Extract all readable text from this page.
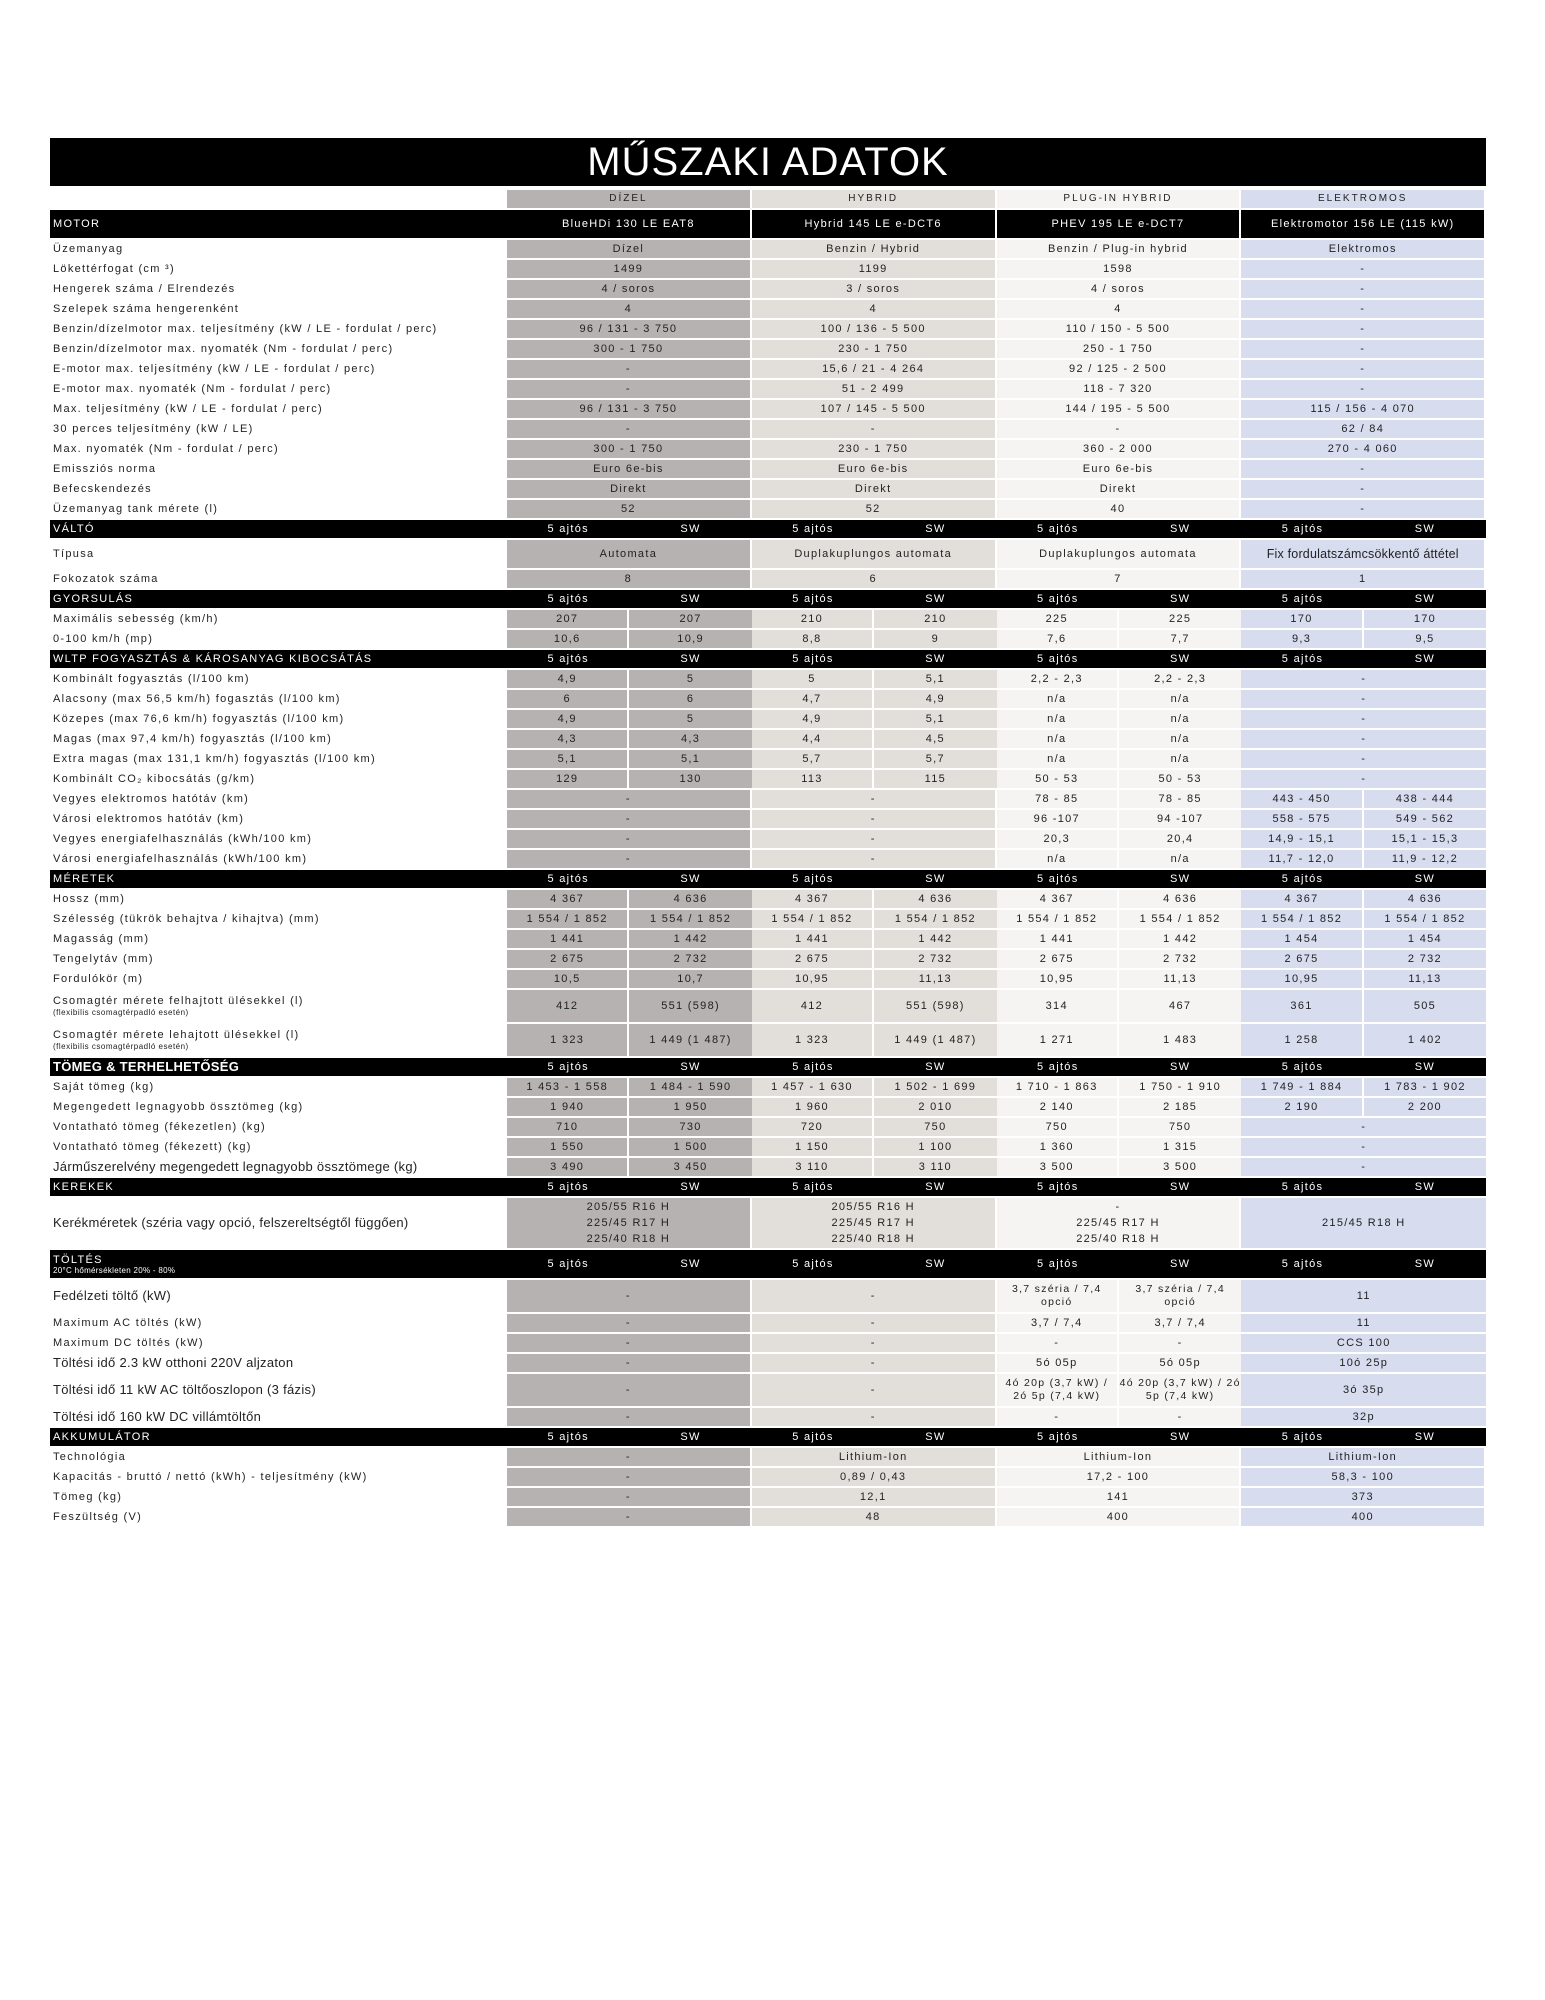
MŰSZAKI ADATOK
	DÍZEL		HYBRID		PLUG-IN HYBRID		ELEKTROMOS	
MOTOR	BlueHDi 130 LE EAT8		Hybrid 145 LE e-DCT6		PHEV 195 LE e-DCT7		Elektromotor 156 LE (115 kW)	
Üzemanyag	Dízel		Benzin / Hybrid		Benzin / Plug-in hybrid		Elektromos	
Lökettérfogat (cm ³)	1499		1199		1598		-	
Hengerek száma / Elrendezés	4 / soros		3 / soros		4 / soros		-	
Szelepek száma hengerenként	4		4		4		-	
Benzin/dízelmotor max. teljesítmény (kW / LE - fordulat / perc)	96 / 131 - 3 750		100 / 136 - 5 500		110 / 150 - 5 500		-	
Benzin/dízelmotor max. nyomaték (Nm - fordulat / perc)	300 - 1 750		230 - 1 750		250 - 1 750		-	
E-motor max. teljesítmény (kW / LE - fordulat / perc)	-		15,6 / 21 - 4 264		92 / 125 - 2 500		-	
E-motor max. nyomaték (Nm - fordulat / perc)	-		51 - 2 499		118 - 7 320		-	
Max. teljesítmény (kW / LE - fordulat / perc)	96 / 131 - 3 750		107 / 145 - 5 500		144 / 195 - 5 500		115 / 156 - 4 070	
30 perces teljesítmény (kW / LE)	-		-		-		62 / 84	
Max. nyomaték (Nm - fordulat / perc)	300 - 1 750		230 - 1 750		360 - 2 000		270 - 4 060	
Emissziós norma	Euro 6e-bis		Euro 6e-bis		Euro 6e-bis		-	
Befecskendezés	Direkt		Direkt		Direkt		-	
Üzemanyag tank mérete (l)	52		52		40		-	
VÁLTÓ	5 ajtós	SW	5 ajtós	SW	5 ajtós	SW	5 ajtós	SW
Típusa	Automata		Duplakuplungos automata		Duplakuplungos automata		Fix fordulatszámcsökkentő áttétel	
Fokozatok száma	8		6		7		1	
GYORSULÁS	5 ajtós	SW	5 ajtós	SW	5 ajtós	SW	5 ajtós	SW
Maximális sebesség (km/h)	207	207	210	210	225	225	170	170
0-100 km/h (mp)	10,6	10,9	8,8	9	7,6	7,7	9,3	9,5
WLTP FOGYASZTÁS & KÁROSANYAG KIBOCSÁTÁS	5 ajtós	SW	5 ajtós	SW	5 ajtós	SW	5 ajtós	SW
Kombinált fogyasztás (l/100 km)	4,9	5	5	5,1	2,2 - 2,3	2,2 - 2,3	-	
Alacsony (max 56,5 km/h) fogasztás (l/100 km)	6	6	4,7	4,9	n/a	n/a	-	
Közepes (max 76,6 km/h) fogyasztás (l/100 km)	4,9	5	4,9	5,1	n/a	n/a	-	
Magas (max 97,4 km/h) fogyasztás (l/100 km)	4,3	4,3	4,4	4,5	n/a	n/a	-	
Extra magas (max 131,1 km/h) fogyasztás (l/100 km)	5,1	5,1	5,7	5,7	n/a	n/a	-	
Kombinált CO₂ kibocsátás (g/km)	129	130	113	115	50 - 53	50 - 53	-	
Vegyes elektromos hatótáv (km)	-		-		78 - 85	78 - 85	443 - 450	438 - 444
Városi elektromos hatótáv (km)	-		-		96 -107	94 -107	558 - 575	549 - 562
Vegyes energiafelhasználás (kWh/100 km)	-		-		20,3	20,4	14,9 - 15,1	15,1 - 15,3
Városi energiafelhasználás (kWh/100 km)	-		-		n/a	n/a	11,7 - 12,0	11,9 - 12,2
MÉRETEK	5 ajtós	SW	5 ajtós	SW	5 ajtós	SW	5 ajtós	SW
Hossz (mm)	4 367	4 636	4 367	4 636	4 367	4 636	4 367	4 636
Szélesség (tükrök behajtva / kihajtva) (mm)	1 554 / 1 852	1 554 / 1 852	1 554 / 1 852	1 554 / 1 852	1 554 / 1 852	1 554 / 1 852	1 554 / 1 852	1 554 / 1 852
Magasság (mm)	1 441	1 442	1 441	1 442	1 441	1 442	1 454	1 454
Tengelytáv (mm)	2 675	2 732	2 675	2 732	2 675	2 732	2 675	2 732
Fordulókör (m)	10,5	10,7	10,95	11,13	10,95	11,13	10,95	11,13

Csomagtér mérete felhajtott ülésekkel (l)
(flexibilis csomagtérpadló esetén)	412	551 (598)	412	551 (598)	314	467	361	505

Csomagtér mérete lehajtott ülésekkel (l)
(flexibilis csomagtérpadló esetén)	1 323	1 449 (1 487)	1 323	1 449 (1 487)	1 271	1 483	1 258	1 402
TÖMEG & TERHELHETŐSÉG	5 ajtós	SW	5 ajtós	SW	5 ajtós	SW	5 ajtós	SW
Saját tömeg (kg)	1 453 - 1 558	1 484 - 1 590	1 457 - 1 630	1 502 - 1 699	1 710 - 1 863	1 750 - 1 910	1 749 - 1 884	1 783 - 1 902
Megengedett legnagyobb össztömeg (kg)	1 940	1 950	1 960	2 010	2 140	2 185	2 190	2 200
Vontatható tömeg (fékezetlen) (kg)	710	730	720	750	750	750	-	
Vontatható tömeg (fékezett) (kg)	1 550	1 500	1 150	1 100	1 360	1 315	-	
Járműszerelvény megengedett legnagyobb össztömege (kg)	3 490	3 450	3 110	3 110	3 500	3 500	-	
KEREKEK	5 ajtós	SW	5 ajtós	SW	5 ajtós	SW	5 ajtós	SW
Kerékméretek (széria vagy opció, felszereltségtől függően)	205/55 R16 H
225/45 R17 H
225/40 R18 H		205/55 R16 H
225/45 R17 H
225/40 R18 H		-
225/45 R17 H
225/40 R18 H		215/45 R18 H	

TÖLTÉS
20°C hőmérsékleten 20% - 80%	5 ajtós	SW	5 ajtós	SW	5 ajtós	SW	5 ajtós	SW
Fedélzeti töltő (kW)	-		-		3,7 széria / 7,4 opció	3,7 széria / 7,4 opció	11	
Maximum AC töltés (kW)	-		-		3,7 / 7,4	3,7 / 7,4	11	
Maximum DC töltés (kW)	-		-		-	-	CCS 100	
Töltési idő 2.3 kW otthoni 220V aljzaton	-		-		5ó 05p	5ó 05p	10ó 25p	
Töltési idő 11 kW AC töltőoszlopon (3 fázis)	-		-		4ó 20p (3,7 kW) / 2ó 5p (7,4 kW)	4ó 20p (3,7 kW) / 2ó 5p (7,4 kW)	3ó 35p	
Töltési idő 160 kW DC villámtöltőn	-		-		-	-	32p	
AKKUMULÁTOR	5 ajtós	SW	5 ajtós	SW	5 ajtós	SW	5 ajtós	SW
Technológia	-		Lithium-Ion		Lithium-Ion		Lithium-Ion	
Kapacitás - bruttó / nettó (kWh) - teljesítmény (kW)	-		0,89 / 0,43		17,2 - 100		58,3 - 100	
Tömeg (kg)	-		12,1		141		373	
Feszültség (V)	-		48		400		400	
